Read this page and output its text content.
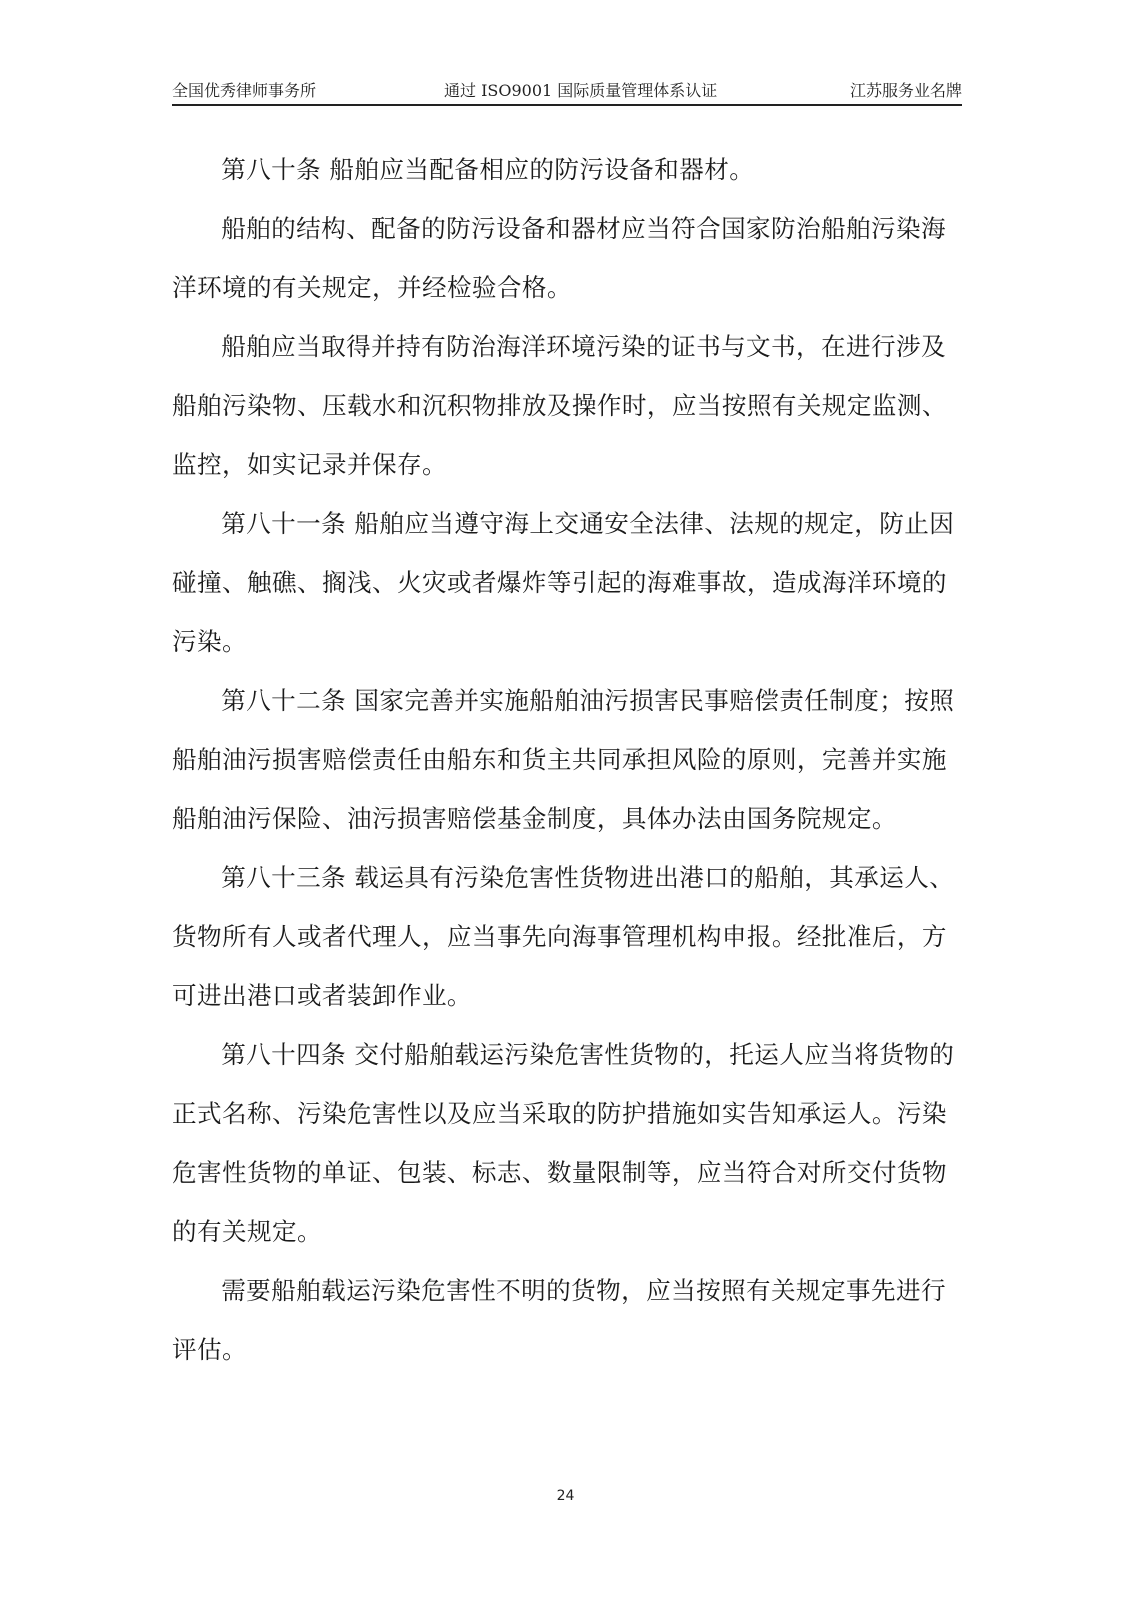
全国优秀律师事务所	通过 ISO9001 国际质量管理体系认证	江苏服务业名牌

第八十条 船舶应当配备相应的防污设备和器材。

船舶的结构、配备的防污设备和器材应当符合国家防治船舶污染海洋环境的有关规定，并经检验合格。

船舶应当取得并持有防治海洋环境污染的证书与文书，在进行涉及船舶污染物、压载水和沉积物排放及操作时，应当按照有关规定监测、监控，如实记录并保存。

第八十一条 船舶应当遵守海上交通安全法律、法规的规定，防止因碰撞、触礁、搁浅、火灾或者爆炸等引起的海难事故，造成海洋环境的污染。

第八十二条 国家完善并实施船舶油污损害民事赔偿责任制度；按照船舶油污损害赔偿责任由船东和货主共同承担风险的原则，完善并实施船舶油污保险、油污损害赔偿基金制度，具体办法由国务院规定。

第八十三条 载运具有污染危害性货物进出港口的船舶，其承运人、货物所有人或者代理人，应当事先向海事管理机构申报。经批准后，方可进出港口或者装卸作业。

第八十四条 交付船舶载运污染危害性货物的，托运人应当将货物的正式名称、污染危害性以及应当采取的防护措施如实告知承运人。污染危害性货物的单证、包装、标志、数量限制等，应当符合对所交付货物的有关规定。

需要船舶载运污染危害性不明的货物，应当按照有关规定事先进行评估。

24
